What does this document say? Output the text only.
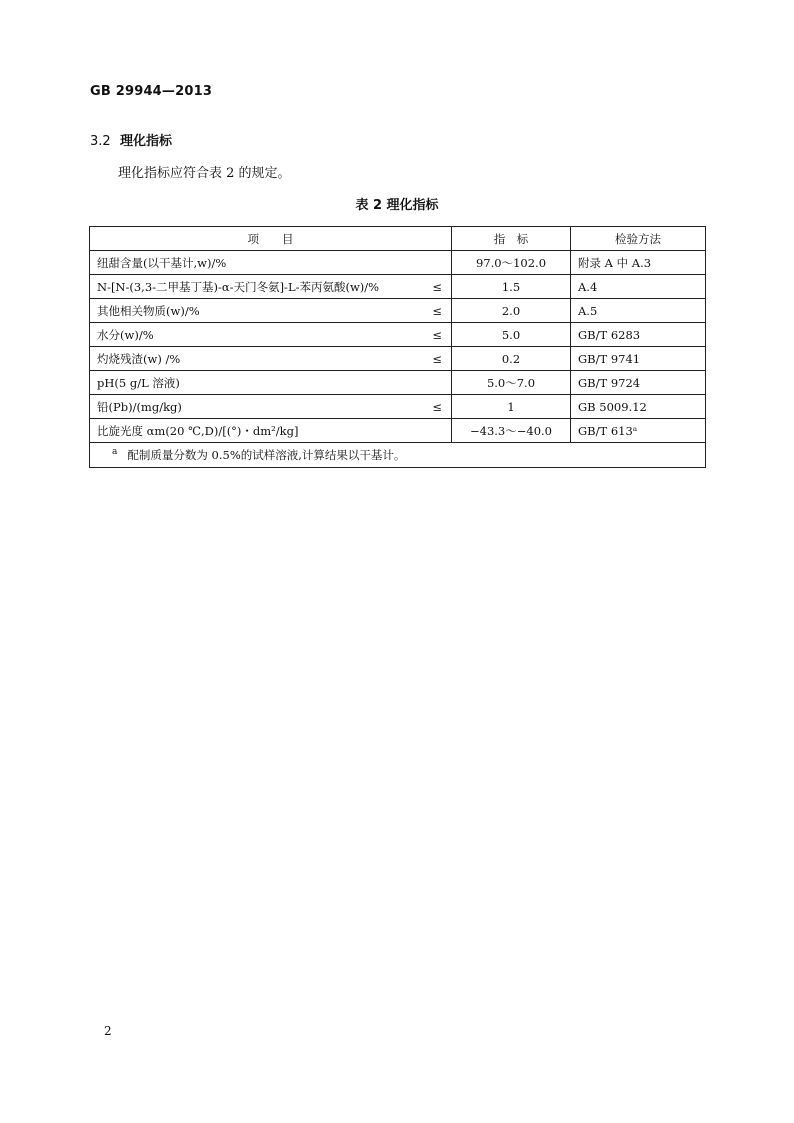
GB 29944—2013
3.2 理化指标
理化指标应符合表 2 的规定。
表 2 理化指标
项　　目	指　标	检验方法

纽甜含量(以干基计,w)/%	97.0～102.0	附录 A 中 A.3

N-[N-(3,3-二甲基丁基)-α-天门冬氨]-L-苯丙氨酸(w)/% ≤	1.5	A.4

其他相关物质(w)/% ≤	2.0	A.5

水分(w)/% ≤	5.0	GB/T 6283

灼烧残渣(w) /% ≤	0.2	GB/T 9741

pH(5 g/L 溶液)	5.0～7.0	GB/T 9724

铅(Pb)/(mg/kg) ≤	1	GB 5009.12

比旋光度 αm(20 ℃,D)/[(°)・dm²/kg]	−43.3～−40.0	GB/T 613ᵃ
$^a$ 配制质量分数为 0.5%的试样溶液,计算结果以干基计。		
2
